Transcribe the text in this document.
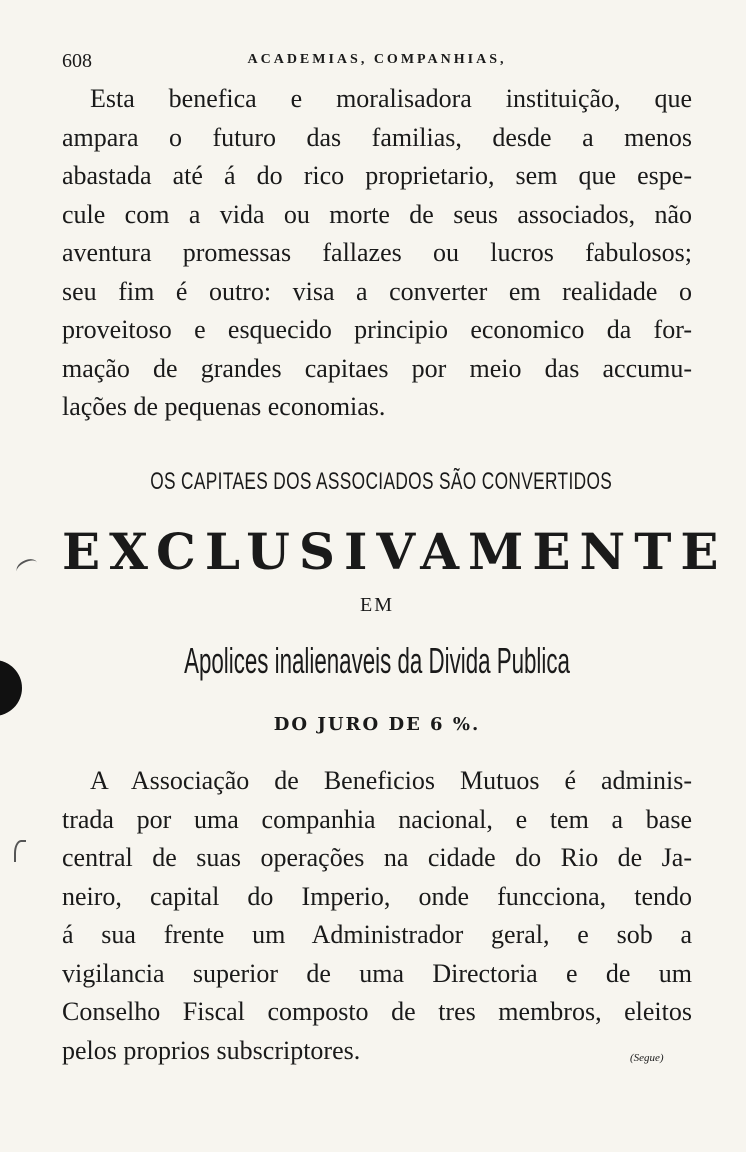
608	ACADEMIAS, COMPANHIAS,
Esta benefica e moralisadora instituição, que
ampara o futuro das familias, desde a menos
abastada até á do rico proprietario, sem que espe-
cule com a vida ou morte de seus associados, não
aventura promessas fallazes ou lucros fabulosos;
seu fim é outro: visa a converter em realidade o
proveitoso e esquecido principio economico da for-
mação de grandes capitaes por meio das accumu-
lações de pequenas economias.
OS CAPITAES DOS ASSOCIADOS SÃO CONVERTIDOS
EXCLUSIVAMENTE
EM
Apolices inalienaveis da Divida Publica
DO JURO DE 6 %.
A Associação de Beneficios Mutuos é adminis-
trada por uma companhia nacional, e tem a base
central de suas operações na cidade do Rio de Ja-
neiro, capital do Imperio, onde funcciona, tendo
á sua frente um Administrador geral, e sob a
vigilancia superior de uma Directoria e de um
Conselho Fiscal composto de tres membros, eleitos
pelos proprios subscriptores.	(Segue)
